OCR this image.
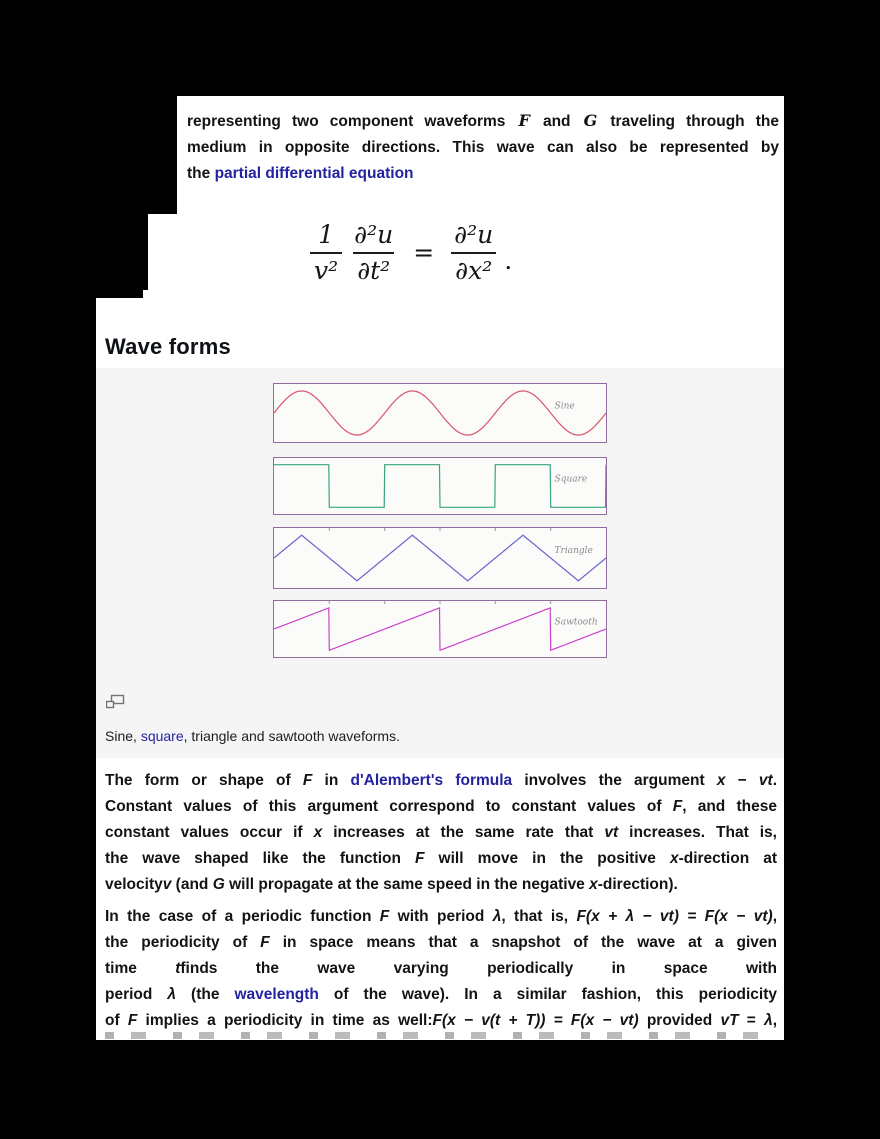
representing two component waveforms F and G traveling through the
medium in opposite directions. This wave can also be represented by
the partial differential equation
$\frac{1}{\text{v²}} \frac{\text{∂²u}}{\text{∂t²}} = \frac{\text{∂²u}}{\text{∂x²}}$ .
Wave forms
Sine, square, triangle and sawtooth waveforms.
Sine
Square
Triangle
Sawtooth
The form or shape of F in d'Alembert's formula involves the argument x − vt.
Constant values of this argument correspond to constant values of F, and these
constant values occur if x increases at the same rate that vt increases. That is,
the wave shaped like the function F will move in the positive x-direction at
velocityv (and G will propagate at the same speed in the negative x-direction).
In the case of a periodic function F with period λ, that is, F(x + λ − vt) = F(x − vt),
the periodicity of F in space means that a snapshot of the wave at a given
time tfinds the wave varying periodically in space with
period λ (the wavelength of the wave). In a similar fashion, this periodicity
of F implies a periodicity in time as well:F(x − v(t + T)) = F(x − vt) provided vT = λ,
